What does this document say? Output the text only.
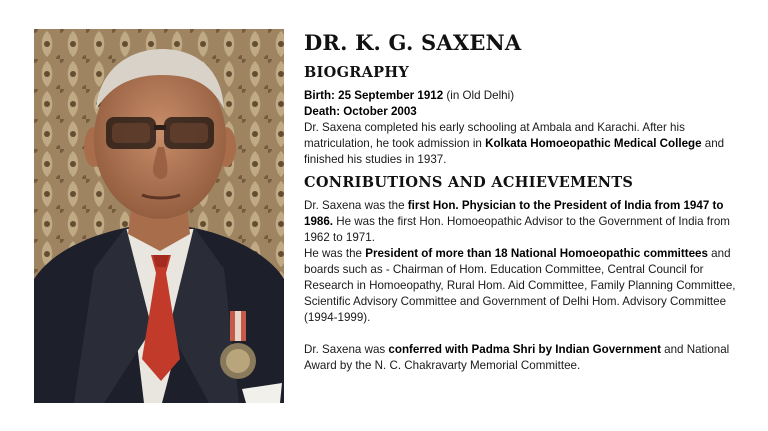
DR. K. G. SAXENA
BIOGRAPHY

Birth: 25 September 1912 (in Old Delhi)

Death: October 2003

Dr. Saxena completed his early schooling at Ambala and Karachi. After his matriculation, he took admission in Kolkata Homoeopathic Medical College and finished his studies in 1937.

CONRIBUTIONS AND ACHIEVEMENTS

Dr. Saxena was the first Hon. Physician to the President of India from 1947 to 1986. He was the first Hon. Homoeopathic Advisor to the Government of India from 1962 to 1971.

He was the President of more than 18 National Homoeopathic committees and boards such as - Chairman of Hom. Education Committee, Central Council for Research in Homoeopathy, Rural Hom. Aid Committee, Family Planning Committee, Scientific Advisory Committee and Government of Delhi Hom. Advisory Committee (1994-1999).

Dr. Saxena was conferred with Padma Shri by Indian Government and National Award by the N. C. Chakravarty Memorial Committee.
